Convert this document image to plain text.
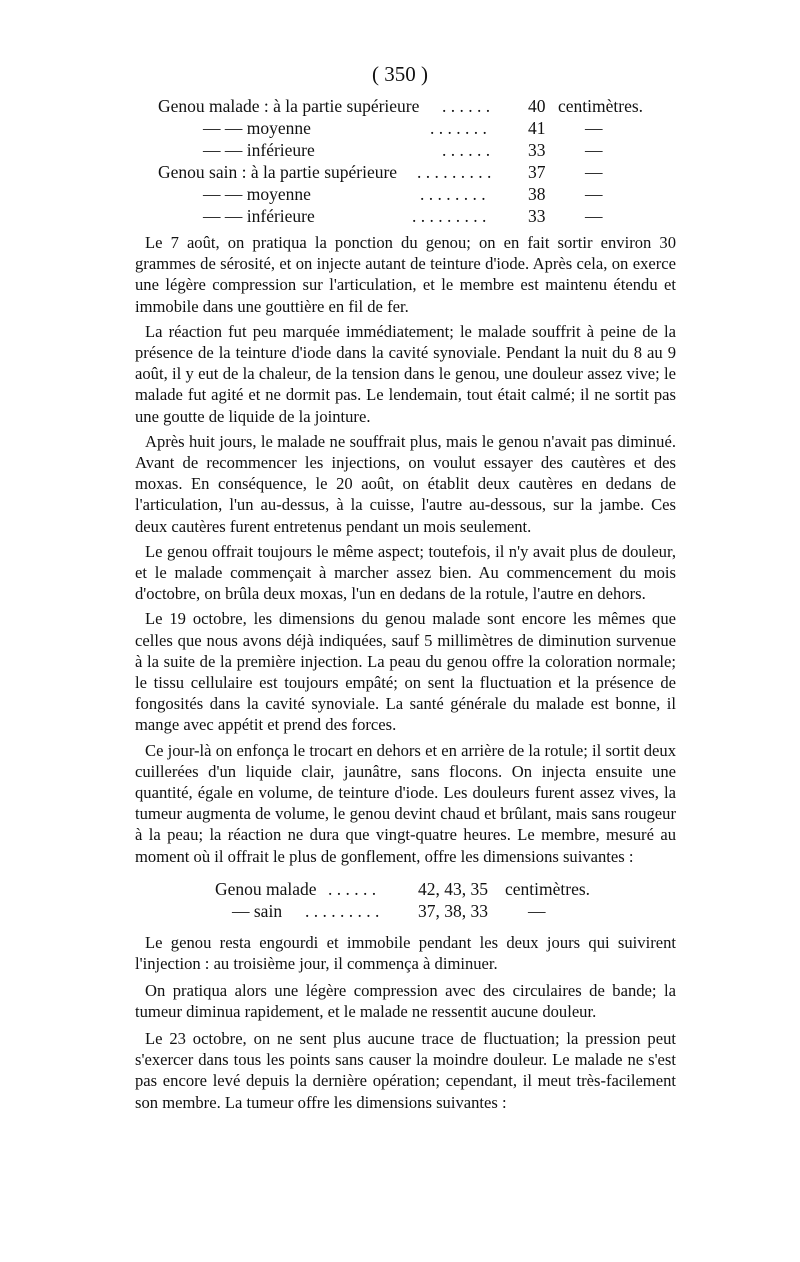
( 350 )
Genou malade : à la partie supérieure . . . . . . 40 centimètres.
— — moyenne	. . . . . . . 41 —
— — inférieure	. . . . . . 33 —
Genou sain : à la partie supérieure . . . . . . . . . 37 —
— — moyenne	. . . . . . . . 38 —
— — inférieure	. . . . . . . . . 33 —

Le 7 août, on pratiqua la ponction du genou; on en fait sortir environ 30 grammes de sérosité, et on injecte autant de teinture d'iode. Après cela, on exerce une légère compression sur l'articulation, et le membre est maintenu étendu et immobile dans une gouttière en fil de fer.

La réaction fut peu marquée immédiatement; le malade souffrit à peine de la présence de la teinture d'iode dans la cavité synoviale. Pendant la nuit du 8 au 9 août, il y eut de la chaleur, de la tension dans le genou, une douleur assez vive; le malade fut agité et ne dormit pas. Le lendemain, tout était calmé; il ne sortit pas une goutte de liquide de la jointure.

Après huit jours, le malade ne souffrait plus, mais le genou n'avait pas diminué. Avant de recommencer les injections, on voulut essayer des cautères et des moxas. En conséquence, le 20 août, on établit deux cautères en dedans de l'articulation, l'un au-dessus, à la cuisse, l'autre au-dessous, sur la jambe. Ces deux cautères furent entretenus pendant un mois seulement.

Le genou offrait toujours le même aspect; toutefois, il n'y avait plus de douleur, et le malade commençait à marcher assez bien. Au commencement du mois d'octobre, on brûla deux moxas, l'un en dedans de la rotule, l'autre en dehors.

Le 19 octobre, les dimensions du genou malade sont encore les mêmes que celles que nous avons déjà indiquées, sauf 5 millimètres de diminution survenue à la suite de la première injection. La peau du genou offre la coloration normale; le tissu cellulaire est toujours empâté; on sent la fluctuation et la présence de fongosités dans la cavité synoviale. La santé générale du malade est bonne, il mange avec appétit et prend des forces.

Ce jour-là on enfonça le trocart en dehors et en arrière de la rotule; il sortit deux cuillerées d'un liquide clair, jaunâtre, sans flocons. On injecta ensuite une quantité, égale en volume, de teinture d'iode. Les douleurs furent assez vives, la tumeur augmenta de volume, le genou devint chaud et brûlant, mais sans rougeur à la peau; la réaction ne dura que vingt-quatre heures. Le membre, mesuré au moment où il offrait le plus de gonflement, offre les dimensions suivantes :

Genou malade . . . . . . 42, 43, 35 centimètres.
— sain . . . . . . . . . 37, 38, 33 —

Le genou resta engourdi et immobile pendant les deux jours qui suivirent l'injection : au troisième jour, il commença à diminuer.

On pratiqua alors une légère compression avec des circulaires de bande; la tumeur diminua rapidement, et le malade ne ressentit aucune douleur.

Le 23 octobre, on ne sent plus aucune trace de fluctuation; la pression peut s'exercer dans tous les points sans causer la moindre douleur. Le malade ne s'est pas encore levé depuis la dernière opération; cependant, il meut très-facilement son membre. La tumeur offre les dimensions suivantes :
